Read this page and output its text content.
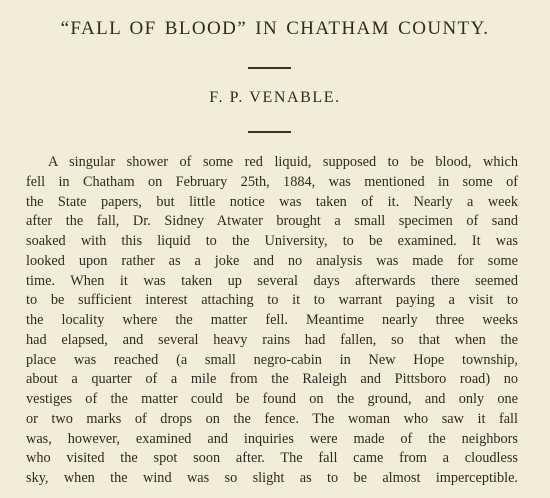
“FALL OF BLOOD” IN CHATHAM COUNTY.
F. P. VENABLE.
A singular shower of some red liquid, supposed to be blood, which
fell in Chatham on February 25th, 1884, was mentioned in some of
the State papers, but little notice was taken of it. Nearly a week
after the fall, Dr. Sidney Atwater brought a small specimen of sand
soaked with this liquid to the University, to be examined. It was
looked upon rather as a joke and no analysis was made for some
time. When it was taken up several days afterwards there seemed
to be sufficient interest attaching to it to warrant paying a visit to
the locality where the matter fell. Meantime nearly three weeks
had elapsed, and several heavy rains had fallen, so that when the
place was reached (a small negro-cabin in New Hope township,
about a quarter of a mile from the Raleigh and Pittsboro road) no
vestiges of the matter could be found on the ground, and only one
or two marks of drops on the fence. The woman who saw it fall
was, however, examined and inquiries were made of the neighbors
who visited the spot soon after. The fall came from a cloudless
sky, when the wind was so slight as to be almost imperceptible.
